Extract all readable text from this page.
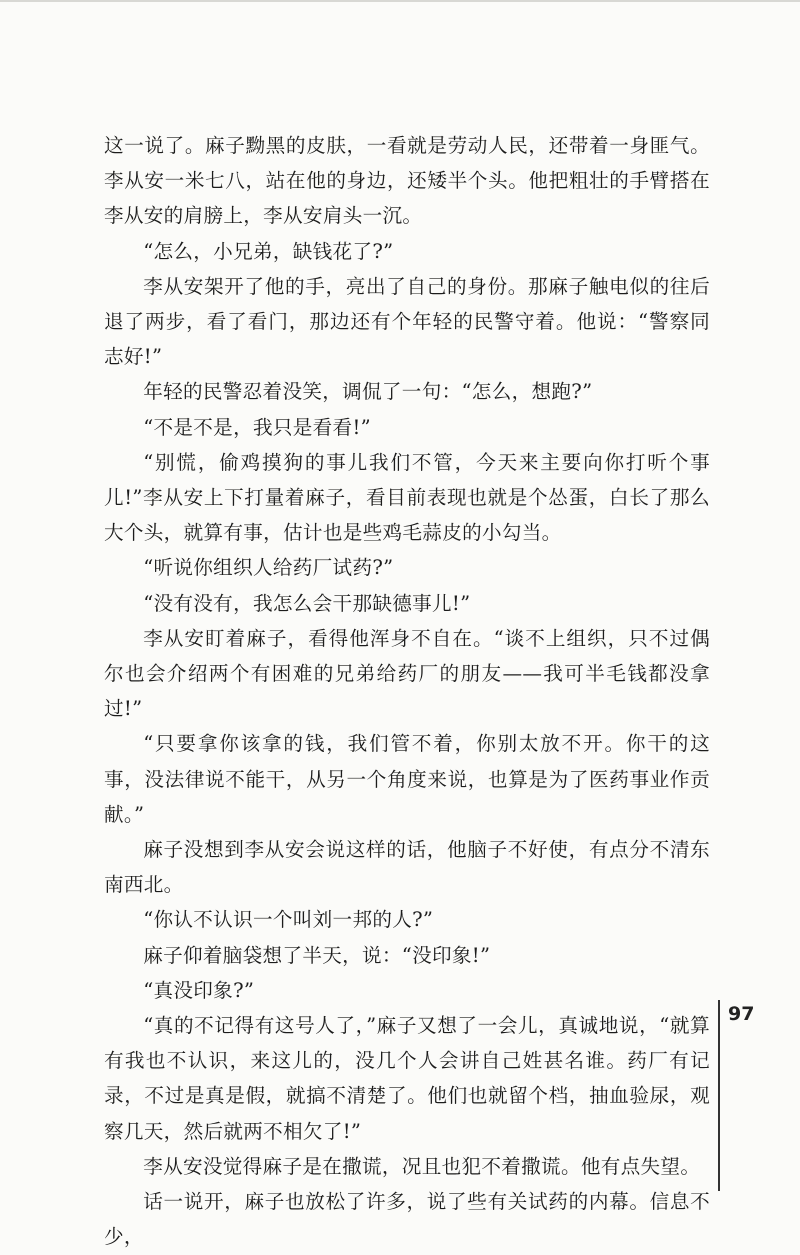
这一说了。麻子黝黑的皮肤，一看就是劳动人民，还带着一身匪气。李从安一米七八，站在他的身边，还矮半个头。他把粗壮的手臂搭在李从安的肩膀上，李从安肩头一沉。

“怎么，小兄弟，缺钱花了?”

李从安架开了他的手，亮出了自己的身份。那麻子触电似的往后退了两步，看了看门，那边还有个年轻的民警守着。他说：“警察同志好!”

年轻的民警忍着没笑，调侃了一句：“怎么，想跑?”

“不是不是，我只是看看!”

“别慌，偷鸡摸狗的事儿我们不管，今天来主要向你打听个事儿!”李从安上下打量着麻子，看目前表现也就是个怂蛋，白长了那么大个头，就算有事，估计也是些鸡毛蒜皮的小勾当。

“听说你组织人给药厂试药?”

“没有没有，我怎么会干那缺德事儿!”

李从安盯着麻子，看得他浑身不自在。“谈不上组织，只不过偶尔也会介绍两个有困难的兄弟给药厂的朋友——我可半毛钱都没拿过!”

“只要拿你该拿的钱，我们管不着，你别太放不开。你干的这事，没法律说不能干，从另一个角度来说，也算是为了医药事业作贡献。”

麻子没想到李从安会说这样的话，他脑子不好使，有点分不清东南西北。

“你认不认识一个叫刘一邦的人?”

麻子仰着脑袋想了半天，说：“没印象!”

“真没印象?”

“真的不记得有这号人了，”麻子又想了一会儿，真诚地说，“就算有我也不认识，来这儿的，没几个人会讲自己姓甚名谁。药厂有记录，不过是真是假，就搞不清楚了。他们也就留个档，抽血验尿，观察几天，然后就两不相欠了!”

李从安没觉得麻子是在撒谎，况且也犯不着撒谎。他有点失望。

话一说开，麻子也放松了许多，说了些有关试药的内幕。信息不少，

97
